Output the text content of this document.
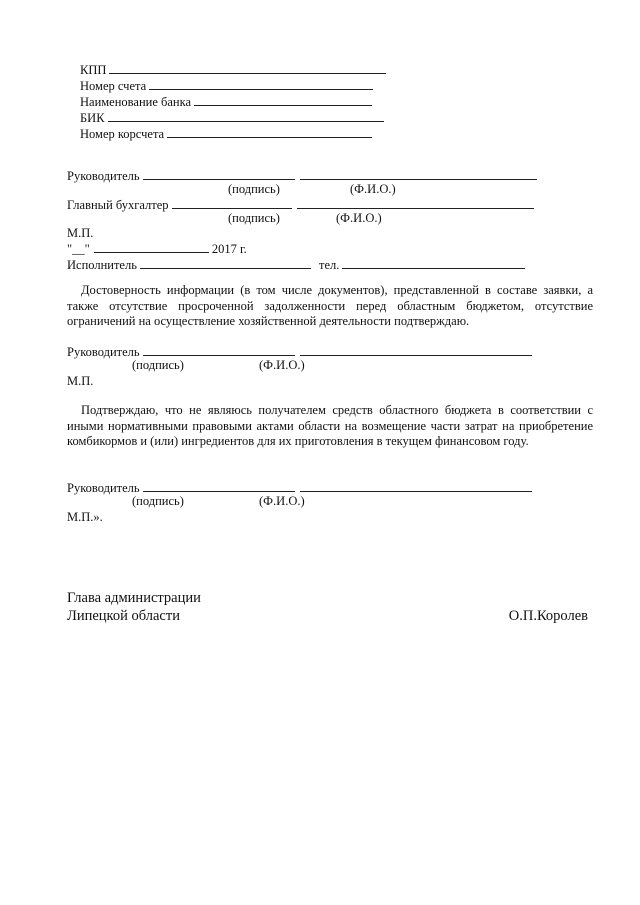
КПП
Номер счета
Наименование банка
БИК
Номер корсчета
Руководитель
(подпись)	(Ф.И.О.)
Главный бухгалтер
(подпись)	(Ф.И.О.)
М.П.
"__"	2017 г.
Исполнитель	тел.
Достоверность информации (в том числе документов), представленной в составе заявки, а также отсутствие просроченной задолженности перед областным бюджетом, отсутствие ограничений на осуществление хозяйственной деятельности подтверждаю.
Руководитель
(подпись)	(Ф.И.О.)
М.П.
Подтверждаю, что не являюсь получателем средств областного бюджета в соответствии с иными нормативными правовыми актами области на возмещение части затрат на приобретение комбикормов и (или) ингредиентов для их приготовления в текущем финансовом году.
Руководитель
(подпись)	(Ф.И.О.)
М.П.».
Глава администрации
Липецкой области	О.П.Королев
